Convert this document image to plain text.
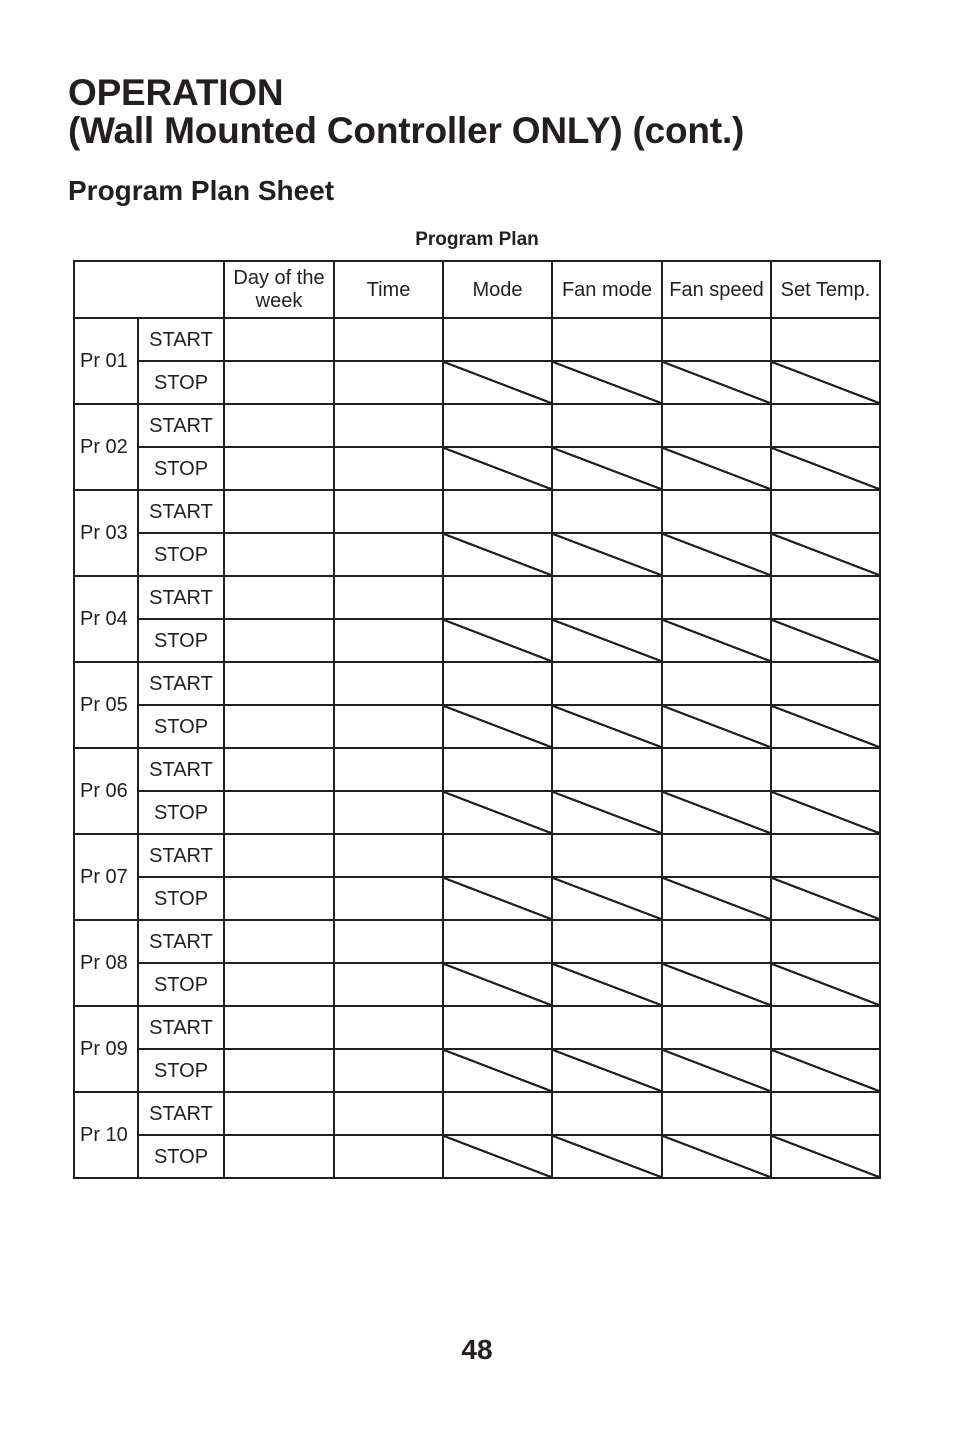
OPERATION
(Wall Mounted Controller ONLY) (cont.)
Program Plan Sheet
Program Plan
		Day of the week	Time	Mode	Fan mode	Fan speed	Set Temp.
Pr 01	START						
	STOP						
Pr 02	START						
	STOP						
Pr 03	START						
	STOP						
Pr 04	START						
	STOP						
Pr 05	START						
	STOP						
Pr 06	START						
	STOP						
Pr 07	START						
	STOP						
Pr 08	START						
	STOP						
Pr 09	START						
	STOP						
Pr 10	START						
	STOP						
48
